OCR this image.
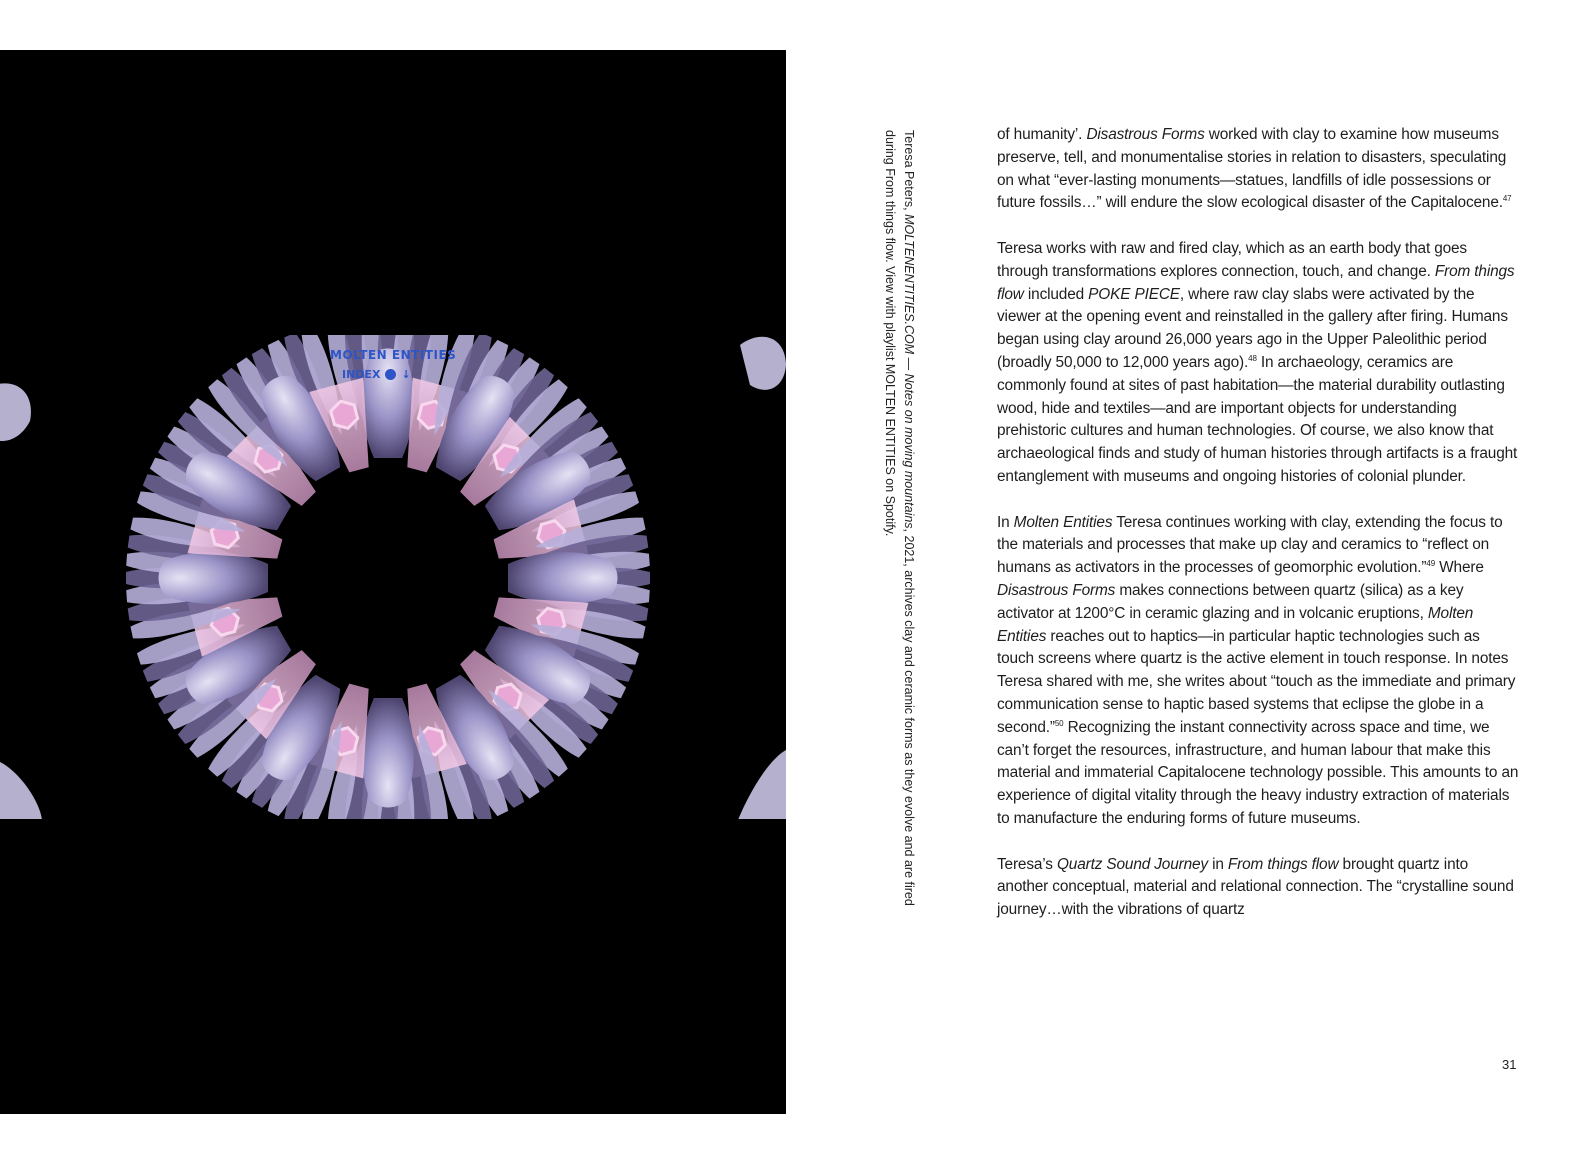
MOLTEN ENTITIES
INDEX ↓

Teresa Peters, MOLTENENTITIES.COM — Notes on moving mountains, 2021, archives clay and ceramic forms as they evolve and are fired during From things flow. View with playlist MOLTEN ENTITIES on Spotify.	of humanity’. Disastrous Forms worked with clay to examine how museums preserve, tell, and monumentalise stories in relation to disasters, speculating on what “ever-lasting monuments—statues, landfills of idle possessions or future fossils…” will endure the slow ecological disaster of the Capitalocene.$^{47}$

Teresa works with raw and fired clay, which as an earth body that goes through transformations explores connection, touch, and change. From things flow included POKE PIECE, where raw clay slabs were activated by the viewer at the opening event and reinstalled in the gallery after firing. Humans began using clay around 26,000 years ago in the Upper Paleolithic period (broadly 50,000 to 12,000 years ago).$^{48}$ In archaeology, ceramics are commonly found at sites of past habitation—the material durability outlasting wood, hide and textiles—and are important objects for understanding prehistoric cultures and human technologies. Of course, we also know that archaeological finds and study of human histories through artifacts is a fraught entanglement with museums and ongoing histories of colonial plunder.

In Molten Entities Teresa continues working with clay, extending the focus to the materials and processes that make up clay and ceramics to “reflect on humans as activators in the processes of geomorphic evolution.”$^{49}$ Where Disastrous Forms makes connections between quartz (silica) as a key activator at 1200°C in ceramic glazing and in volcanic eruptions, Molten Entities reaches out to haptics—in particular haptic technologies such as touch screens where quartz is the active element in touch response. In notes Teresa shared with me, she writes about “touch as the immediate and primary communication sense to haptic based systems that eclipse the globe in a second.”$^{50}$ Recognizing the instant connectivity across space and time, we can’t forget the resources, infrastructure, and human labour that make this material and immaterial Capitalocene technology possible. This amounts to an experience of digital vitality through the heavy industry extraction of materials to manufacture the enduring forms of future museums.

Teresa’s Quartz Sound Journey in From things flow brought quartz into another conceptual, material and relational connection. The “crystalline sound journey…with the vibrations of quartz

31
